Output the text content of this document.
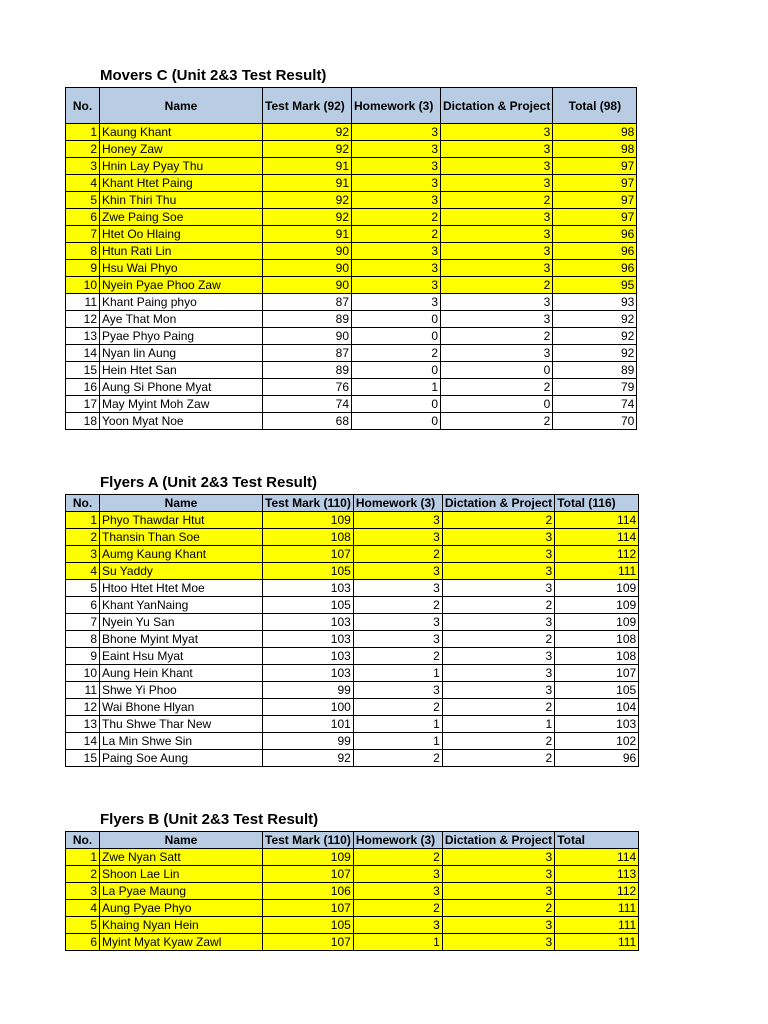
Movers C (Unit 2&3 Test Result)
No.	Name	Test Mark (92)	Homework (3)	Dictation & Project	Total (98)
1	Kaung Khant	92	3	3	98
2	Honey Zaw	92	3	3	98
3	Hnin Lay Pyay Thu	91	3	3	97
4	Khant Htet Paing	91	3	3	97
5	Khin Thiri Thu	92	3	2	97
6	Zwe Paing Soe	92	2	3	97
7	Htet Oo Hlaing	91	2	3	96
8	Htun Rati Lin	90	3	3	96
9	Hsu Wai Phyo	90	3	3	96
10	Nyein Pyae Phoo Zaw	90	3	2	95
11	Khant Paing phyo	87	3	3	93
12	Aye That Mon	89	0	3	92
13	Pyae Phyo Paing	90	0	2	92
14	Nyan lin Aung	87	2	3	92
15	Hein Htet San	89	0	0	89
16	Aung Si Phone Myat	76	1	2	79
17	May Myint Moh Zaw	74	0	0	74
18	Yoon Myat Noe	68	0	2	70
Flyers A (Unit 2&3 Test Result)
No.	Name	Test Mark (110)	Homework (3)	Dictation & Project	Total (116)
1	Phyo Thawdar Htut	109	3	2	114
2	Thansin Than Soe	108	3	3	114
3	Aumg Kaung Khant	107	2	3	112
4	Su Yaddy	105	3	3	111
5	Htoo Htet Htet Moe	103	3	3	109
6	Khant YanNaing	105	2	2	109
7	Nyein Yu San	103	3	3	109
8	Bhone Myint Myat	103	3	2	108
9	Eaint Hsu Myat	103	2	3	108
10	Aung Hein Khant	103	1	3	107
11	Shwe Yi Phoo	99	3	3	105
12	Wai Bhone Hlyan	100	2	2	104
13	Thu Shwe Thar New	101	1	1	103
14	La Min Shwe Sin	99	1	2	102
15	Paing Soe Aung	92	2	2	96
Flyers B (Unit 2&3 Test Result)
No.	Name	Test Mark (110)	Homework (3)	Dictation & Project	Total
1	Zwe Nyan Satt	109	2	3	114
2	Shoon Lae Lin	107	3	3	113
3	La Pyae Maung	106	3	3	112
4	Aung Pyae Phyo	107	2	2	111
5	Khaing Nyan Hein	105	3	3	111
6	Myint Myat Kyaw Zawl	107	1	3	111
